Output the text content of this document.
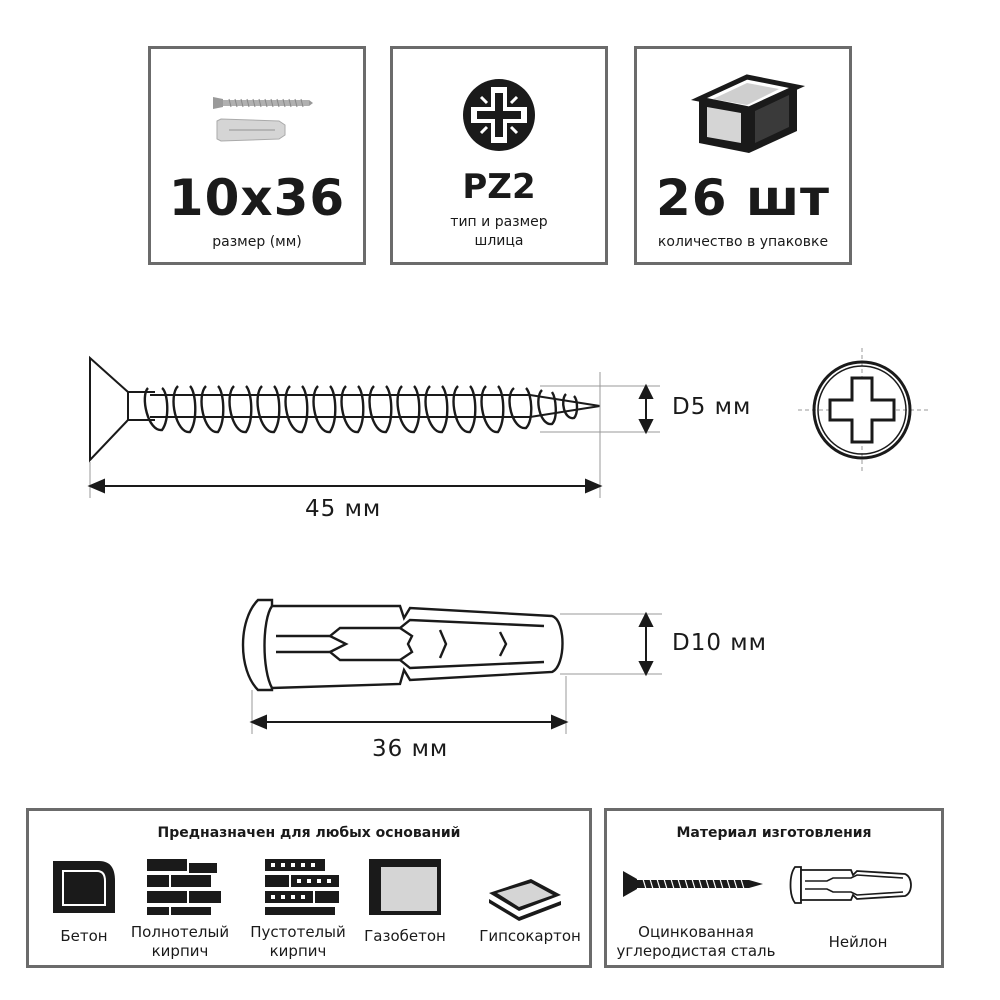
10x36
размер (мм)
PZ2
тип и размер
шлица
26 шт
количество в упаковке
D5 мм
45 мм
D10 мм
36 мм
Предназначен для любых оснований
Бетон	Полнотелый
кирпич
Пустотелый
кирпич
Газобетон	Гипсокартон
Материал изготовления
Оцинкованная
углеродистая сталь	Нейлон
